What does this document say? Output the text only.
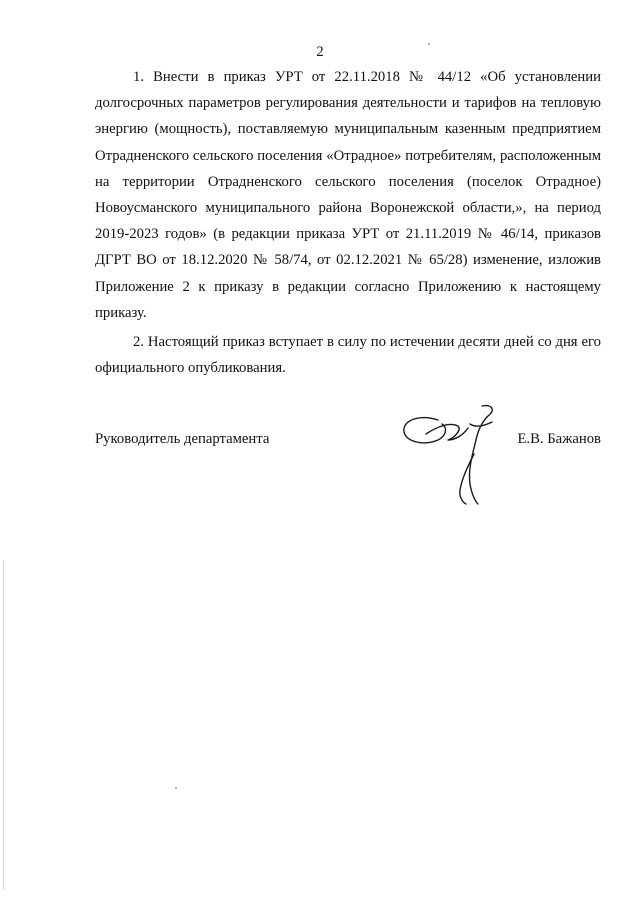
2

1. Внести в приказ УРТ от 22.11.2018 № 44/12 «Об установлении долгосрочных параметров регулирования деятельности и тарифов на тепловую энергию (мощность), поставляемую муниципальным казенным предприятием Отрадненского сельского поселения «Отрадное» потребителям, расположенным на территории Отрадненского сельского поселения (поселок Отрадное) Новоусманского муниципального района Воронежской области,», на период 2019-2023 годов» (в редакции приказа УРТ от 21.11.2019 № 46/14, приказов ДГРТ ВО от 18.12.2020 № 58/74, от 02.12.2021 № 65/28) изменение, изложив Приложение 2 к приказу в редакции согласно Приложению к настоящему приказу.

2. Настоящий приказ вступает в силу по истечении десяти дней со дня его официального опубликования.

Руководитель департамента	Е.В. Бажанов
